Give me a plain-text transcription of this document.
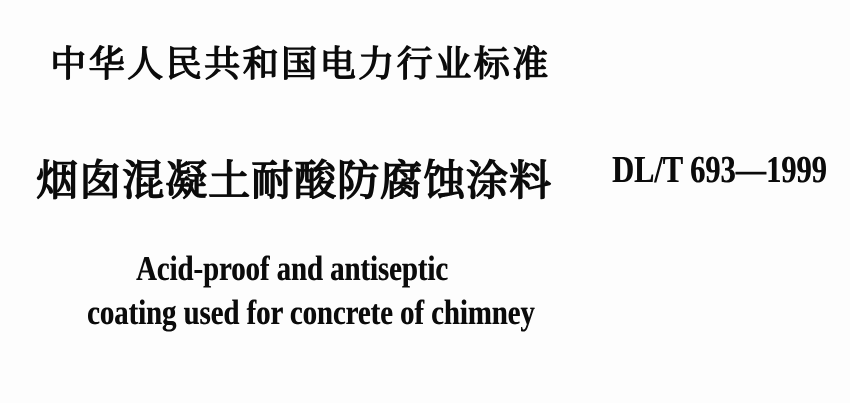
中华人民共和国电力行业标准
烟囱混凝土耐酸防腐蚀涂料 DL/T 693—1999
Acid-proof and antiseptic
coating used for concrete of chimney
